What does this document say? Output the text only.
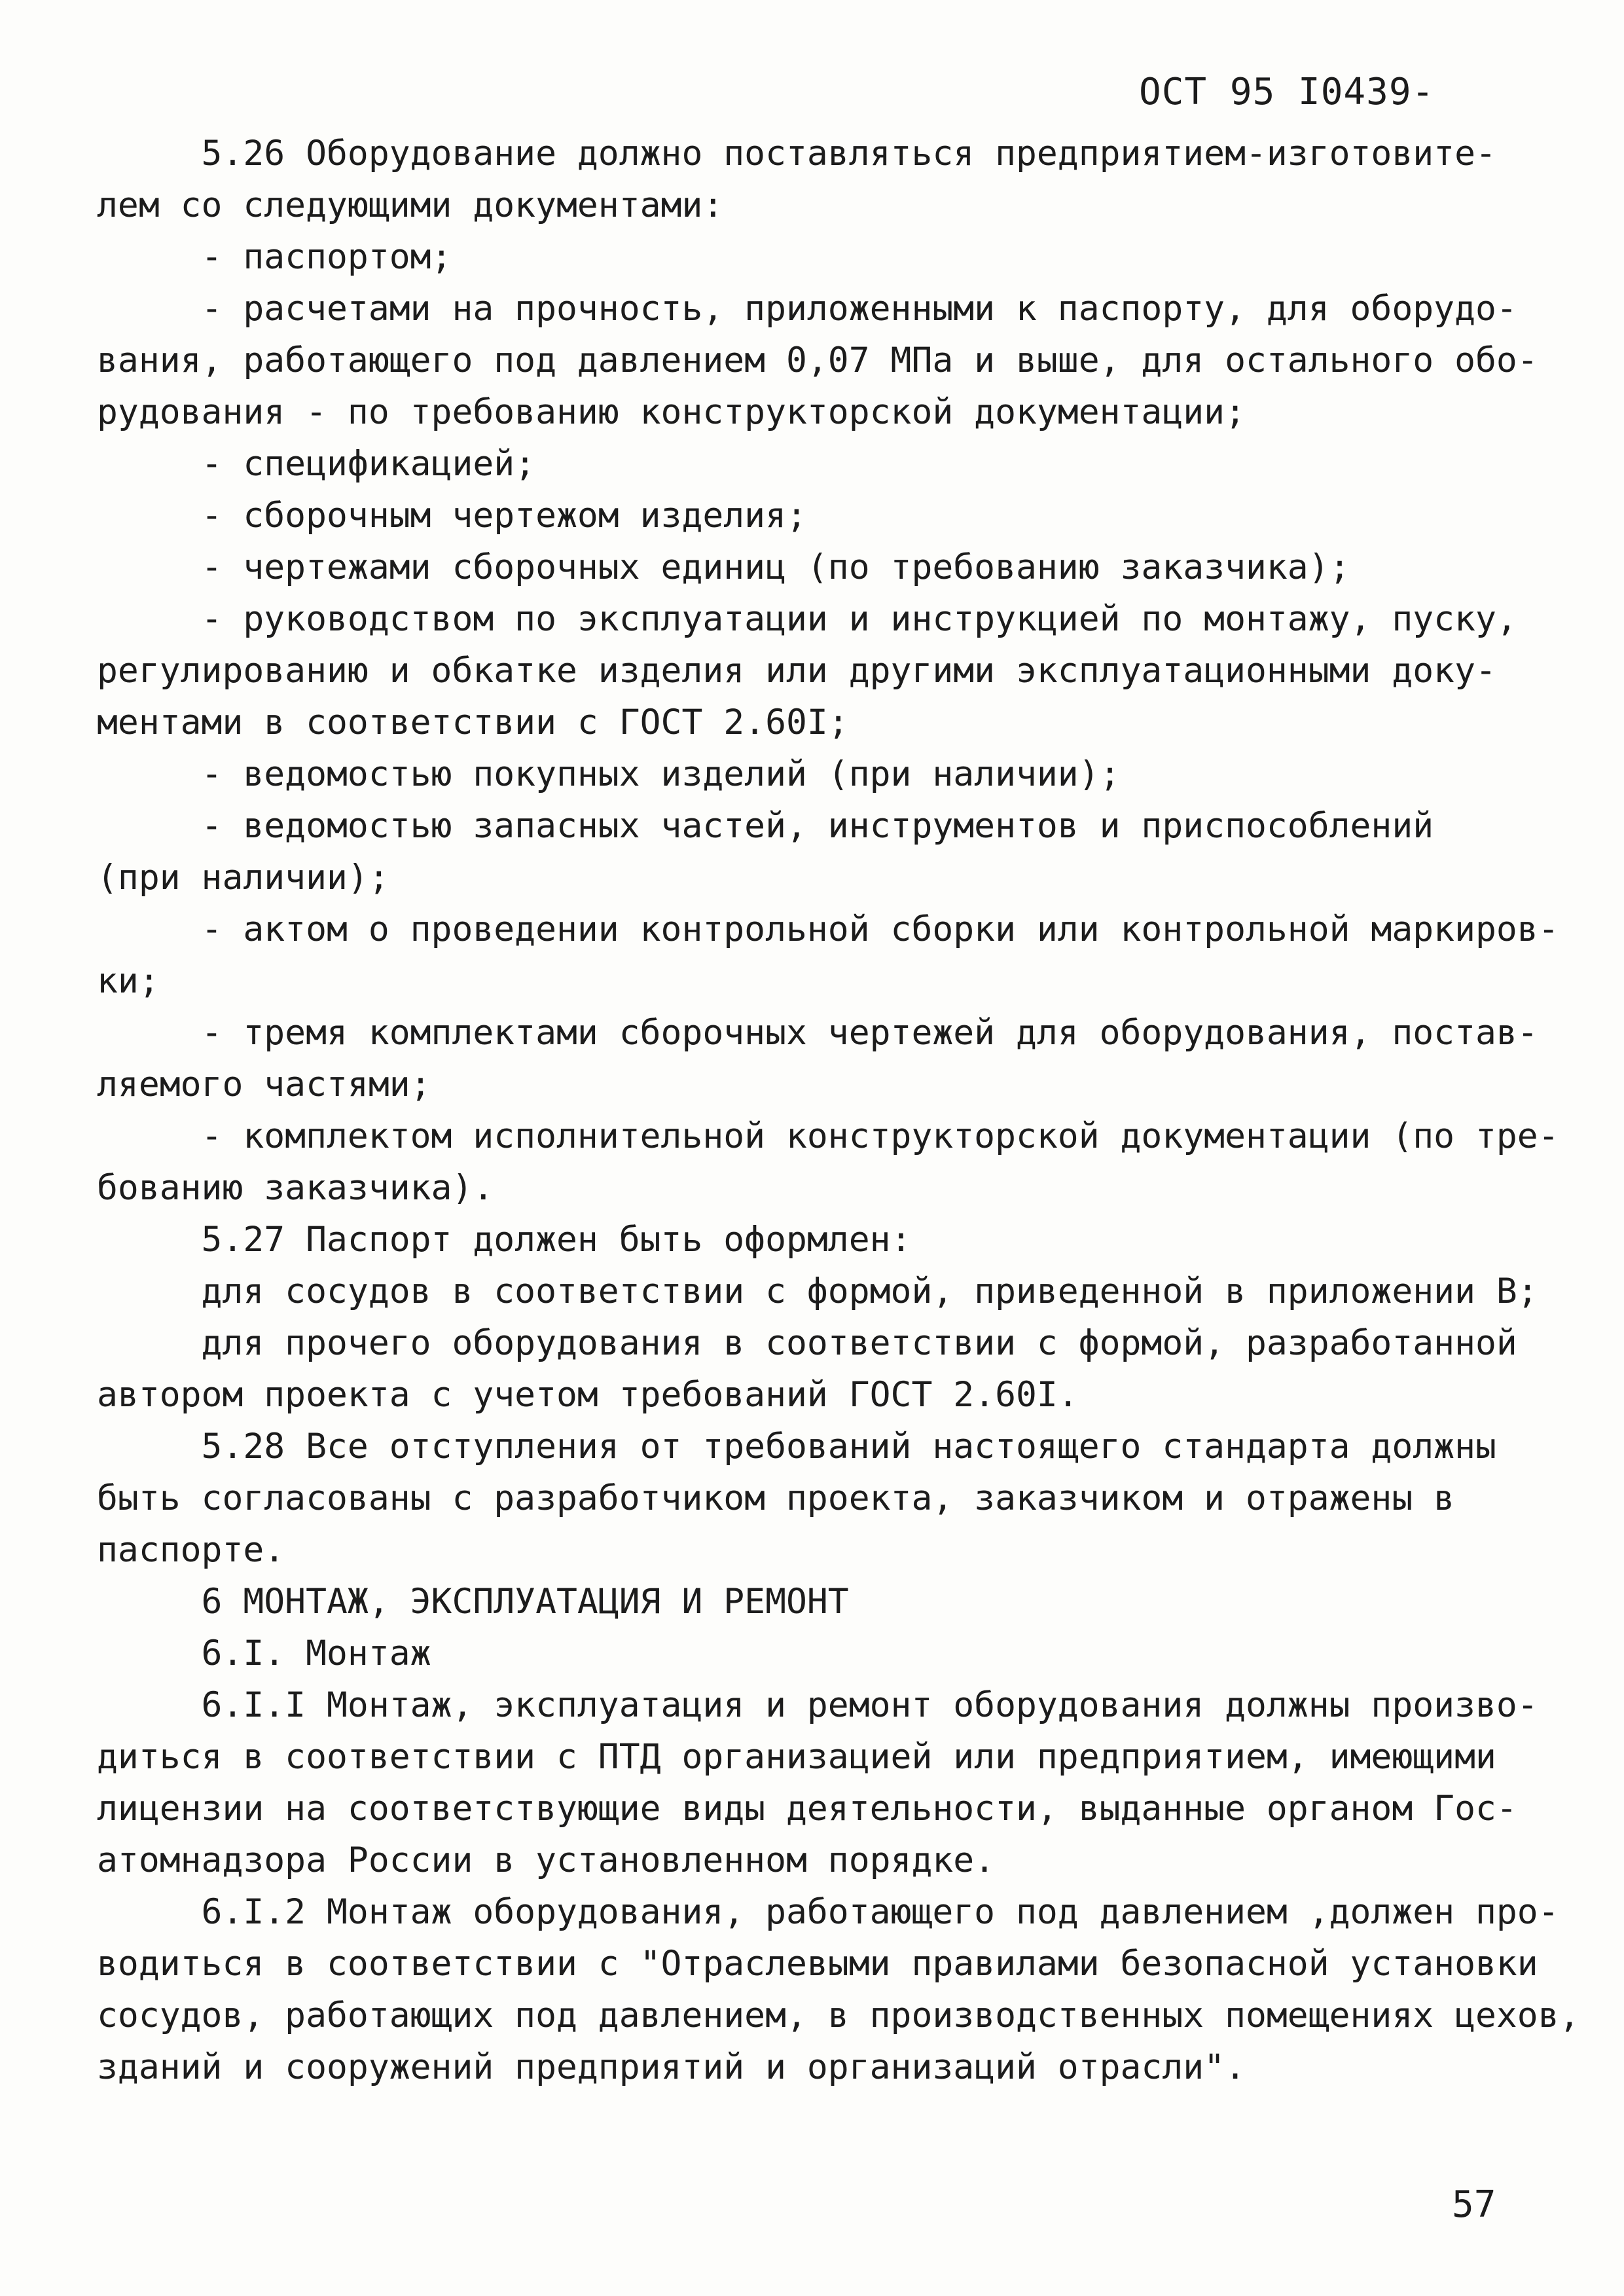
ОСТ 95 I0439-
5.26 Оборудование должно поставляться предприятием-изготовите-
лем со следующими документами:
- паспортом;
- расчетами на прочность, приложенными к паспорту, для оборудо-
вания, работающего под давлением 0,07 МПа и выше, для остального обо-
рудования - по требованию конструкторской документации;
- спецификацией;
- сборочным чертежом изделия;
- чертежами сборочных единиц (по требованию заказчика);
- руководством по эксплуатации и инструкцией по монтажу, пуску,
регулированию и обкатке изделия или другими эксплуатационными доку-
ментами в соответствии с ГОСТ 2.60I;
- ведомостью покупных изделий (при наличии);
- ведомостью запасных частей, инструментов и приспособлений
(при наличии);
- актом о проведении контрольной сборки или контрольной маркиров-
ки;
- тремя комплектами сборочных чертежей для оборудования, постав-
ляемого частями;
- комплектом исполнительной конструкторской документации (по тре-
бованию заказчика).
5.27 Паспорт должен быть оформлен:
для сосудов в соответствии с формой, приведенной в приложении В;
для прочего оборудования в соответствии с формой, разработанной
автором проекта с учетом требований ГОСТ 2.60I.
5.28 Все отступления от требований настоящего стандарта должны
быть согласованы с разработчиком проекта, заказчиком и отражены в
паспорте.
6 МОНТАЖ, ЭКСПЛУАТАЦИЯ И РЕМОНТ
6.I. Монтаж
6.I.I Монтаж, эксплуатация и ремонт оборудования должны произво-
диться в соответствии с ПТД организацией или предприятием, имеющими
лицензии на соответствующие виды деятельности, выданные органом Гос-
атомнадзора России в установленном порядке.
6.I.2 Монтаж оборудования, работающего под давлением ,должен про-
водиться в соответствии с "Отраслевыми правилами безопасной установки
сосудов, работающих под давлением, в производственных помещениях цехов,
зданий и сооружений предприятий и организаций отрасли".
57
